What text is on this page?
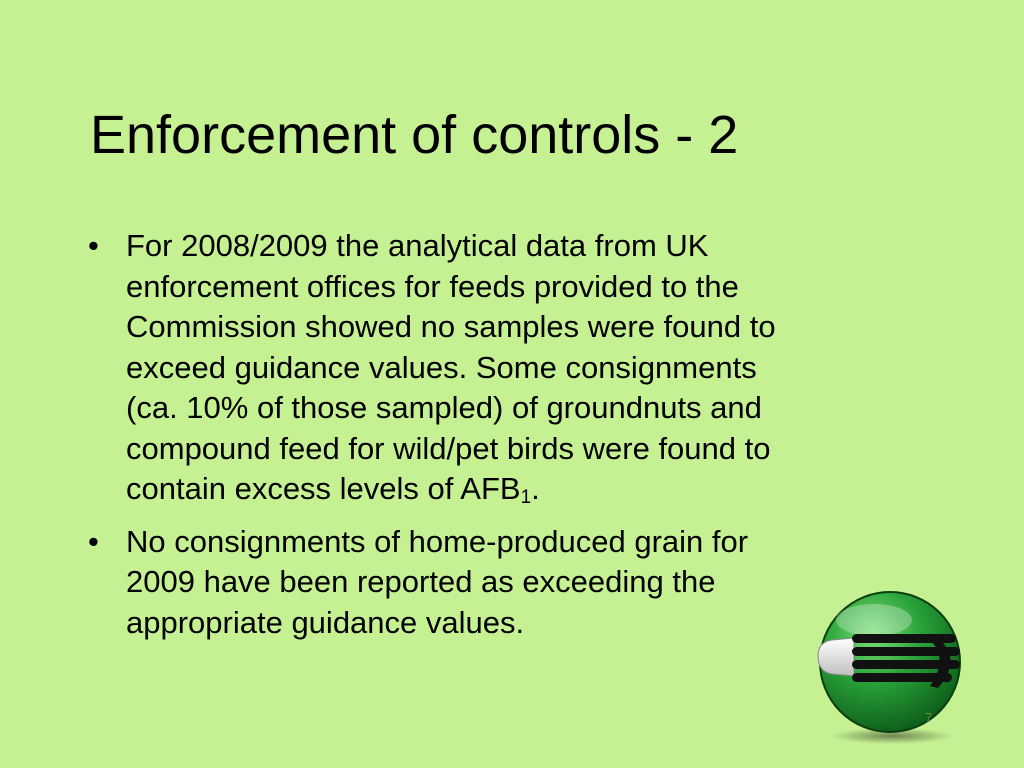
Enforcement of controls - 2
• For 2008/2009 the analytical data from UK
enforcement offices for feeds provided to the
Commission showed no samples were found to
exceed guidance values. Some consignments
(ca. 10% of those sampled) of groundnuts and
compound feed for wild/pet birds were found to
contain excess levels of $AFB_1$.
• No consignments of home-produced grain for
2009 have been reported as exceeding the
appropriate guidance values.
7
